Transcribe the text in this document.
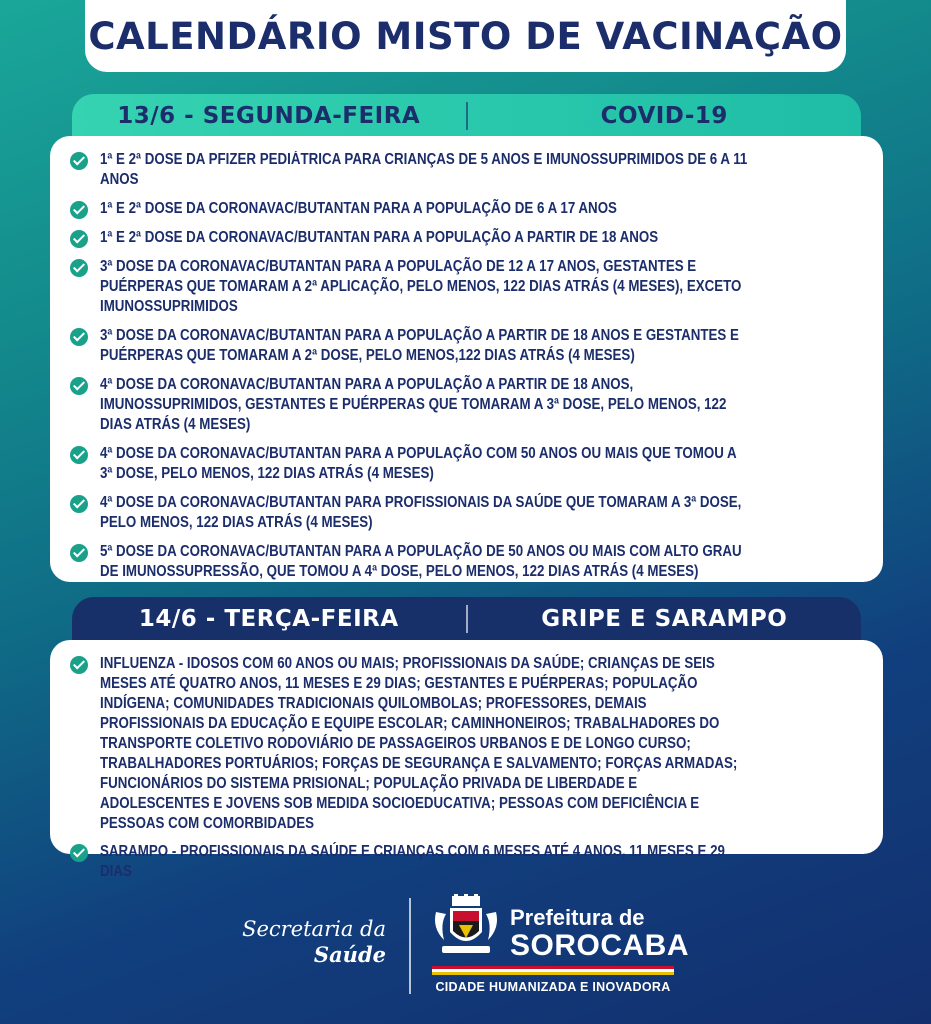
CALENDÁRIO MISTO DE VACINAÇÃO
13/6 - SEGUNDA-FEIRA	COVID-19
1ª E 2ª DOSE DA PFIZER PEDIÁTRICA PARA CRIANÇAS DE 5 ANOS E IMUNOSSUPRIMIDOS DE 6 A 11 ANOS
1ª E 2ª DOSE DA CORONAVAC/BUTANTAN PARA A POPULAÇÃO DE 6 A 17 ANOS
1ª E 2ª DOSE DA CORONAVAC/BUTANTAN PARA A POPULAÇÃO A PARTIR DE 18 ANOS
3ª DOSE DA CORONAVAC/BUTANTAN PARA A POPULAÇÃO DE 12 A 17 ANOS, GESTANTES E PUÉRPERAS QUE TOMARAM A 2ª APLICAÇÃO, PELO MENOS, 122 DIAS ATRÁS (4 MESES), EXCETO IMUNOSSUPRIMIDOS
3ª DOSE DA CORONAVAC/BUTANTAN PARA A POPULAÇÃO A PARTIR DE 18 ANOS E GESTANTES E PUÉRPERAS QUE TOMARAM A 2ª DOSE, PELO MENOS,122 DIAS ATRÁS (4 MESES)
4ª DOSE DA CORONAVAC/BUTANTAN PARA A POPULAÇÃO A PARTIR DE 18 ANOS, IMUNOSSUPRIMIDOS, GESTANTES E PUÉRPERAS QUE TOMARAM A 3ª DOSE, PELO MENOS, 122 DIAS ATRÁS (4 MESES)
4ª DOSE DA CORONAVAC/BUTANTAN PARA A POPULAÇÃO COM 50 ANOS OU MAIS QUE TOMOU A 3ª DOSE, PELO MENOS, 122 DIAS ATRÁS (4 MESES)
4ª DOSE DA CORONAVAC/BUTANTAN PARA PROFISSIONAIS DA SAÚDE QUE TOMARAM A 3ª DOSE, PELO MENOS, 122 DIAS ATRÁS (4 MESES)
5ª DOSE DA CORONAVAC/BUTANTAN PARA A POPULAÇÃO DE 50 ANOS OU MAIS COM ALTO GRAU DE IMUNOSSUPRESSÃO, QUE TOMOU A 4ª DOSE, PELO MENOS, 122 DIAS ATRÁS (4 MESES)
14/6 - TERÇA-FEIRA	GRIPE E SARAMPO
INFLUENZA - IDOSOS COM 60 ANOS OU MAIS; PROFISSIONAIS DA SAÚDE; CRIANÇAS DE SEIS MESES ATÉ QUATRO ANOS, 11 MESES E 29 DIAS; GESTANTES E PUÉRPERAS; POPULAÇÃO INDÍGENA; COMUNIDADES TRADICIONAIS QUILOMBOLAS; PROFESSORES, DEMAIS PROFISSIONAIS DA EDUCAÇÃO E EQUIPE ESCOLAR; CAMINHONEIROS; TRABALHADORES DO TRANSPORTE COLETIVO RODOVIÁRIO DE PASSAGEIROS URBANOS E DE LONGO CURSO; TRABALHADORES PORTUÁRIOS; FORÇAS DE SEGURANÇA E SALVAMENTO; FORÇAS ARMADAS; FUNCIONÁRIOS DO SISTEMA PRISIONAL; POPULAÇÃO PRIVADA DE LIBERDADE E ADOLESCENTES E JOVENS SOB MEDIDA SOCIOEDUCATIVA; PESSOAS COM DEFICIÊNCIA E PESSOAS COM COMORBIDADES
SARAMPO - PROFISSIONAIS DA SAÚDE E CRIANÇAS COM 6 MESES ATÉ 4 ANOS, 11 MESES E 29 DIAS
Secretaria da
Saúde
Prefeitura de
SOROCABA
CIDADE HUMANIZADA E INOVADORA
